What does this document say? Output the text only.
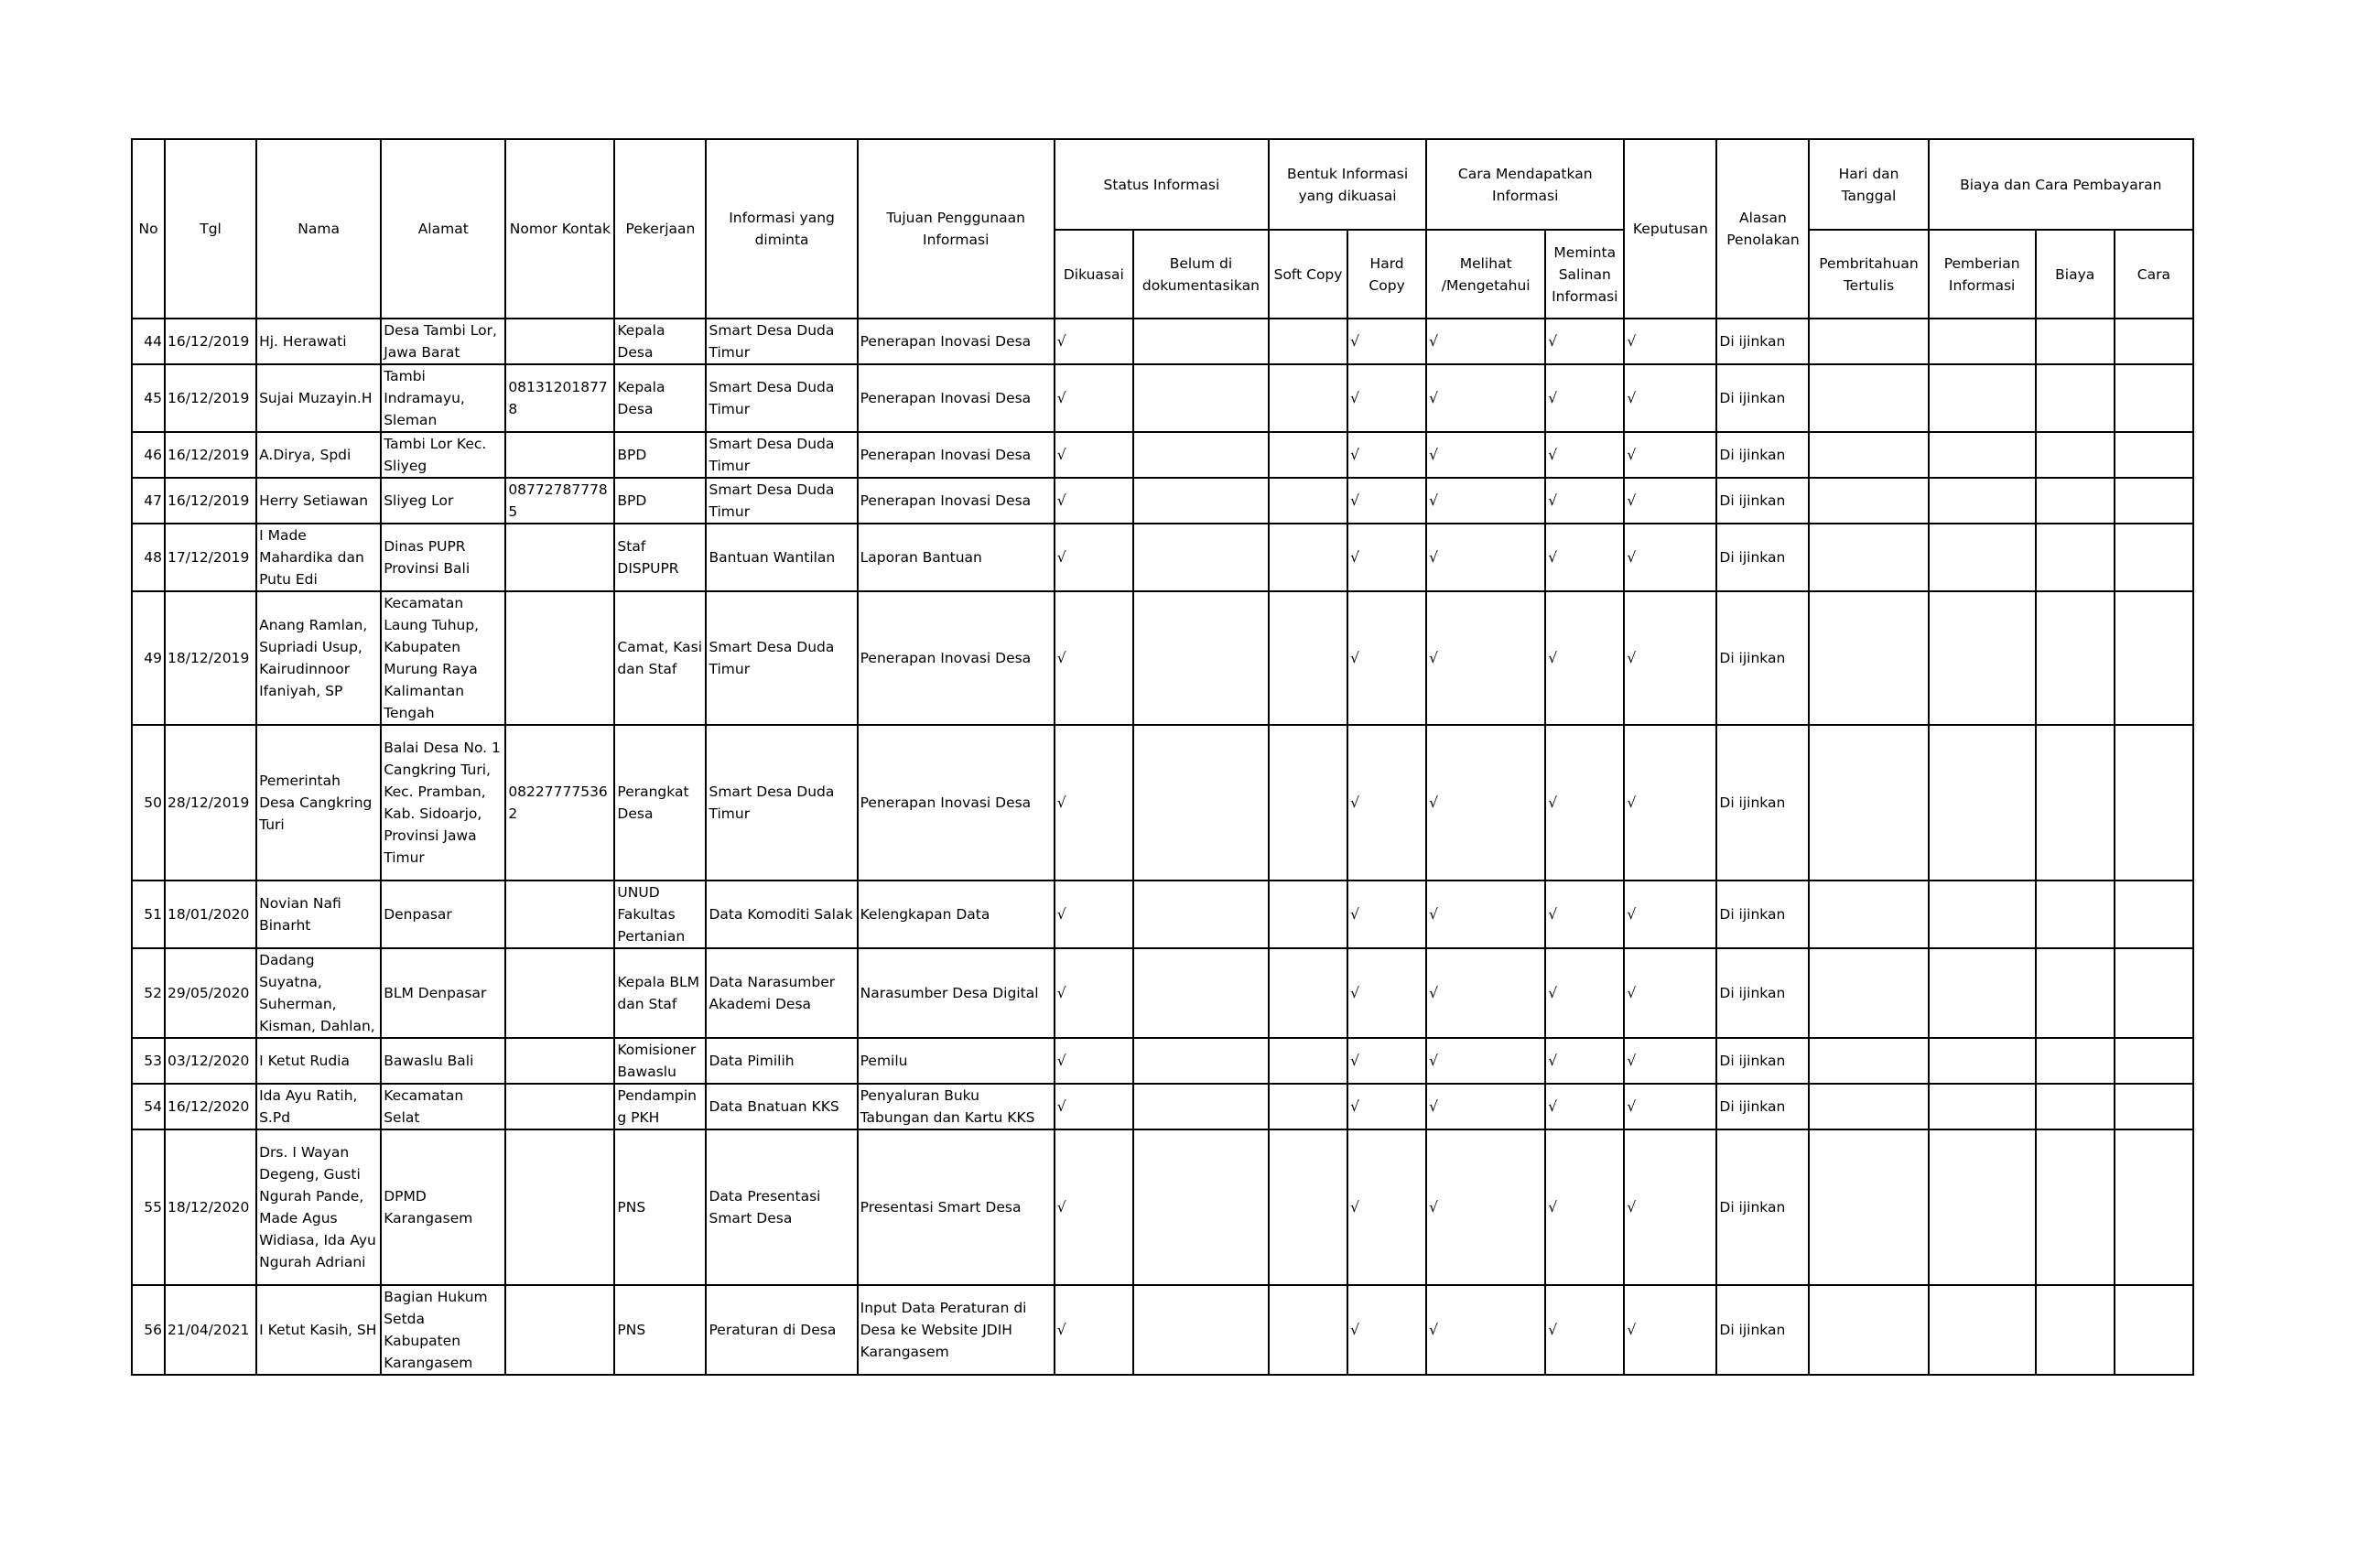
No	Tgl	Nama	Alamat	Nomor Kontak	Pekerjaan	Informasi yang diminta	Tujuan Penggunaan Informasi	Status Informasi		Bentuk Informasi yang dikuasai		Cara Mendapatkan Informasi		Keputusan	Alasan Penolakan	Hari dan Tanggal	Biaya dan Cara Pembayaran		
								Dikuasai	Belum di dokumentasikan	Soft Copy	Hard Copy	Melihat /Mengetahui	Meminta Salinan Informasi			Pembritahuan Tertulis	Pemberian Informasi	Biaya	Cara
44	16/12/2019	Hj. Herawati	Desa Tambi Lor, Jawa Barat		Kepala Desa	Smart Desa Duda Timur	Penerapan Inovasi Desa	√			√	√	√	√	Di ijinkan				
45	16/12/2019	Sujai Muzayin.H	Tambi Indramayu, Sleman	081312018778	Kepala Desa	Smart Desa Duda Timur	Penerapan Inovasi Desa	√			√	√	√	√	Di ijinkan				
46	16/12/2019	A.Dirya, Spdi	Tambi Lor Kec. Sliyeg		BPD	Smart Desa Duda Timur	Penerapan Inovasi Desa	√			√	√	√	√	Di ijinkan				
47	16/12/2019	Herry Setiawan	Sliyeg Lor	087727877785	BPD	Smart Desa Duda Timur	Penerapan Inovasi Desa	√			√	√	√	√	Di ijinkan				
48	17/12/2019	I Made Mahardika dan Putu Edi	Dinas PUPR Provinsi Bali		Staf DISPUPR	Bantuan Wantilan	Laporan Bantuan	√			√	√	√	√	Di ijinkan				
49	18/12/2019	Anang Ramlan, Supriadi Usup, Kairudinnoor Ifaniyah, SP	Kecamatan Laung Tuhup, Kabupaten Murung Raya Kalimantan Tengah		Camat, Kasi dan Staf	Smart Desa Duda Timur	Penerapan Inovasi Desa	√			√	√	√	√	Di ijinkan				
50	28/12/2019	Pemerintah Desa Cangkring Turi	Balai Desa No. 1 Cangkring Turi, Kec. Pramban, Kab. Sidoarjo, Provinsi Jawa Timur	082277775362	Perangkat Desa	Smart Desa Duda Timur	Penerapan Inovasi Desa	√			√	√	√	√	Di ijinkan				
51	18/01/2020	Novian Nafi Binarht	Denpasar		UNUD Fakultas Pertanian	Data Komoditi Salak	Kelengkapan Data	√			√	√	√	√	Di ijinkan				
52	29/05/2020	Dadang Suyatna, Suherman, Kisman, Dahlan,	BLM Denpasar		Kepala BLM dan Staf	Data Narasumber Akademi Desa	Narasumber Desa Digital	√			√	√	√	√	Di ijinkan				
53	03/12/2020	I Ketut Rudia	Bawaslu Bali		Komisioner Bawaslu	Data Pimilih	Pemilu	√			√	√	√	√	Di ijinkan				
54	16/12/2020	Ida Ayu Ratih, S.Pd	Kecamatan Selat		Pendamping PKH	Data Bnatuan KKS	Penyaluran Buku Tabungan dan Kartu KKS	√			√	√	√	√	Di ijinkan				
55	18/12/2020	Drs. I Wayan Degeng, Gusti Ngurah Pande, Made Agus Widiasa, Ida Ayu Ngurah Adriani	DPMD Karangasem		PNS	Data Presentasi Smart Desa	Presentasi Smart Desa	√			√	√	√	√	Di ijinkan				
56	21/04/2021	I Ketut Kasih, SH	Bagian Hukum Setda Kabupaten Karangasem		PNS	Peraturan di Desa	Input Data Peraturan di Desa ke Website JDIH Karangasem	√			√	√	√	√	Di ijinkan				
